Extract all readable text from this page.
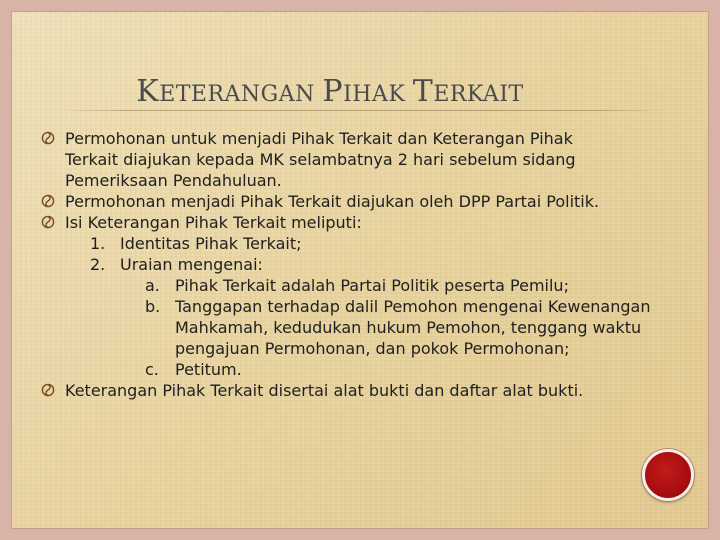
KETERANGAN PIHAK TERKAIT
Permohonan untuk menjadi Pihak Terkait dan Keterangan Pihak
Terkait diajukan kepada MK selambatnya 2 hari sebelum sidang
Pemeriksaan Pendahuluan.
Permohonan menjadi Pihak Terkait diajukan oleh DPP Partai Politik.
Isi Keterangan Pihak Terkait meliputi:
1. Identitas Pihak Terkait;
2. Uraian mengenai:
a. Pihak Terkait adalah Partai Politik peserta Pemilu;
b. Tanggapan terhadap dalil Pemohon mengenai Kewenangan
Mahkamah, kedudukan hukum Pemohon, tenggang waktu
pengajuan Permohonan, dan pokok Permohonan;
c. Petitum.
Keterangan Pihak Terkait disertai alat bukti dan daftar alat bukti.
